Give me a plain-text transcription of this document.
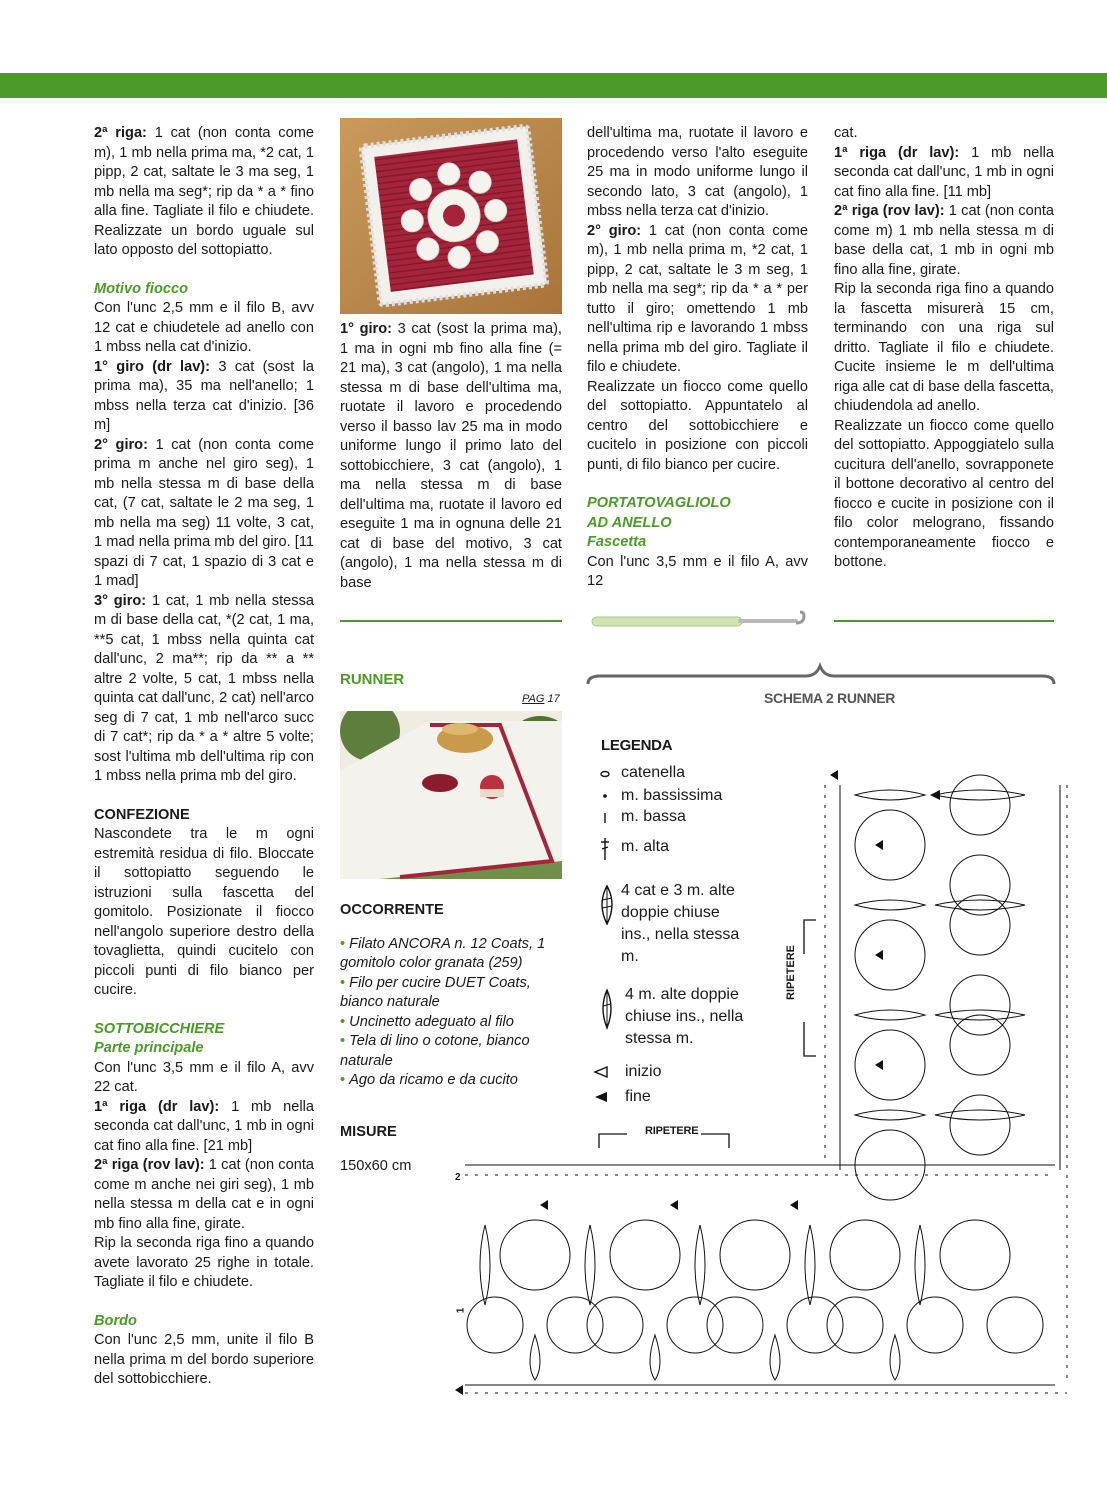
2ª riga: 1 cat (non conta come m), 1 mb nella prima ma, *2 cat, 1 pipp, 2 cat, saltate le 3 ma seg, 1 mb nella ma seg*; rip da * a * fino alla fine. Tagliate il filo e chiudete. Realizzate un bordo uguale sul lato opposto del sottopiatto.

Motivo fiocco

Con l'unc 2,5 mm e il filo B, avv 12 cat e chiudetele ad anello con 1 mbss nella cat d'inizio.

1° giro (dr lav): 3 cat (sost la prima ma), 35 ma nell'anello; 1 mbss nella terza cat d'inizio. [36 m]

2° giro: 1 cat (non conta come prima m anche nel giro seg), 1 mb nella stessa m di base della cat, (7 cat, saltate le 2 ma seg, 1 mb nella ma seg) 11 volte, 3 cat, 1 mad nella prima mb del giro. [11 spazi di 7 cat, 1 spazio di 3 cat e 1 mad]

3° giro: 1 cat, 1 mb nella stessa m di base della cat, *(2 cat, 1 ma, **5 cat, 1 mbss nella quinta cat dall'unc, 2 ma**; rip da ** a ** altre 2 volte, 5 cat, 1 mbss nella quinta cat dall'unc, 2 cat) nell'arco seg di 7 cat, 1 mb nell'arco succ di 7 cat*; rip da * a * altre 5 volte; sost l'ultima mb dell'ultima rip con 1 mbss nella prima mb del giro.

CONFEZIONE

Nascondete tra le m ogni estremità residua di filo. Bloccate il sottopiatto seguendo le istruzioni sulla fascetta del gomitolo. Posizionate il fiocco nell'angolo superiore destro della tovaglietta, quindi cucitelo con piccoli punti di filo bianco per cucire.

SOTTOBICCHIERE

Parte principale

Con l'unc 3,5 mm e il filo A, avv 22 cat.

1ª riga (dr lav): 1 mb nella seconda cat dall'unc, 1 mb in ogni cat fino alla fine. [21 mb]

2ª riga (rov lav): 1 cat (non conta come m anche nei giri seg), 1 mb nella stessa m della cat e in ogni mb fino alla fine, girate.

Rip la seconda riga fino a quando avete lavorato 25 righe in totale. Tagliate il filo e chiudete.

Bordo

Con l'unc 2,5 mm, unite il filo B nella prima m del bordo superiore del sottobicchiere.

1° giro: 3 cat (sost la prima ma), 1 ma in ogni mb fino alla fine (= 21 ma), 3 cat (angolo), 1 ma nella stessa m di base dell'ultima ma, ruotate il lavoro e procedendo verso il basso lav 25 ma in modo uniforme lungo il primo lato del sottobicchiere, 3 cat (angolo), 1 ma nella stessa m di base dell'ultima ma, ruotate il lavoro ed eseguite 1 ma in ognuna delle 21 cat di base del motivo, 3 cat (angolo), 1 ma nella stessa m di base

dell'ultima ma, ruotate il lavoro e procedendo verso l'alto eseguite 25 ma in modo uniforme lungo il secondo lato, 3 cat (angolo), 1 mbss nella terza cat d'inizio.

2° giro: 1 cat (non conta come m), 1 mb nella prima m, *2 cat, 1 pipp, 2 cat, saltate le 3 m seg, 1 mb nella ma seg*; rip da * a * per tutto il giro; omettendo 1 mb nell'ultima rip e lavorando 1 mbss nella prima mb del giro. Tagliate il filo e chiudete.

Realizzate un fiocco come quello del sottopiatto. Appuntatelo al centro del sottobicchiere e cucitelo in posizione con piccoli punti, di filo bianco per cucire.

PORTATOVAGLIOLO

AD ANELLO

Fascetta

Con l'unc 3,5 mm e il filo A, avv 12

cat.

1ª riga (dr lav): 1 mb nella seconda cat dall'unc, 1 mb in ogni cat fino alla fine. [11 mb]

2ª riga (rov lav): 1 cat (non conta come m) 1 mb nella stessa m di base della cat, 1 mb in ogni mb fino alla fine, girate.

Rip la seconda riga fino a quando la fascetta misurerà 15 cm, terminando con una riga sul dritto. Tagliate il filo e chiudete. Cucite insieme le m dell'ultima riga alle cat di base della fascetta, chiudendola ad anello.

Realizzate un fiocco come quello del sottopiatto. Appoggiatelo sulla cucitura dell'anello, sovrapponete il bottone decorativo al centro del fiocco e cucite in posizione con il filo color melograno, fissando contemporaneamente fiocco e bottone.

RUNNER
PAG 17

OCCORRENTE

• Filato ANCORA n. 12 Coats, 1 gomitolo color granata (259)
• Filo per cucire DUET Coats, bianco naturale
• Uncinetto adeguato al filo
• Tela di lino o cotone, bianco naturale
• Ago da ricamo e da cucito

MISURE

150x60 cm

SCHEMA 2 RUNNER
LEGENDA
catenella
m. bassissima
m. bassa
m. alta
4 cat e 3 m. alte doppie chiuse ins., nella stessa m.
4 m. alte doppie chiuse ins., nella stessa m.
inizio
fine
RIPETERE
RIPETERE
2
1
